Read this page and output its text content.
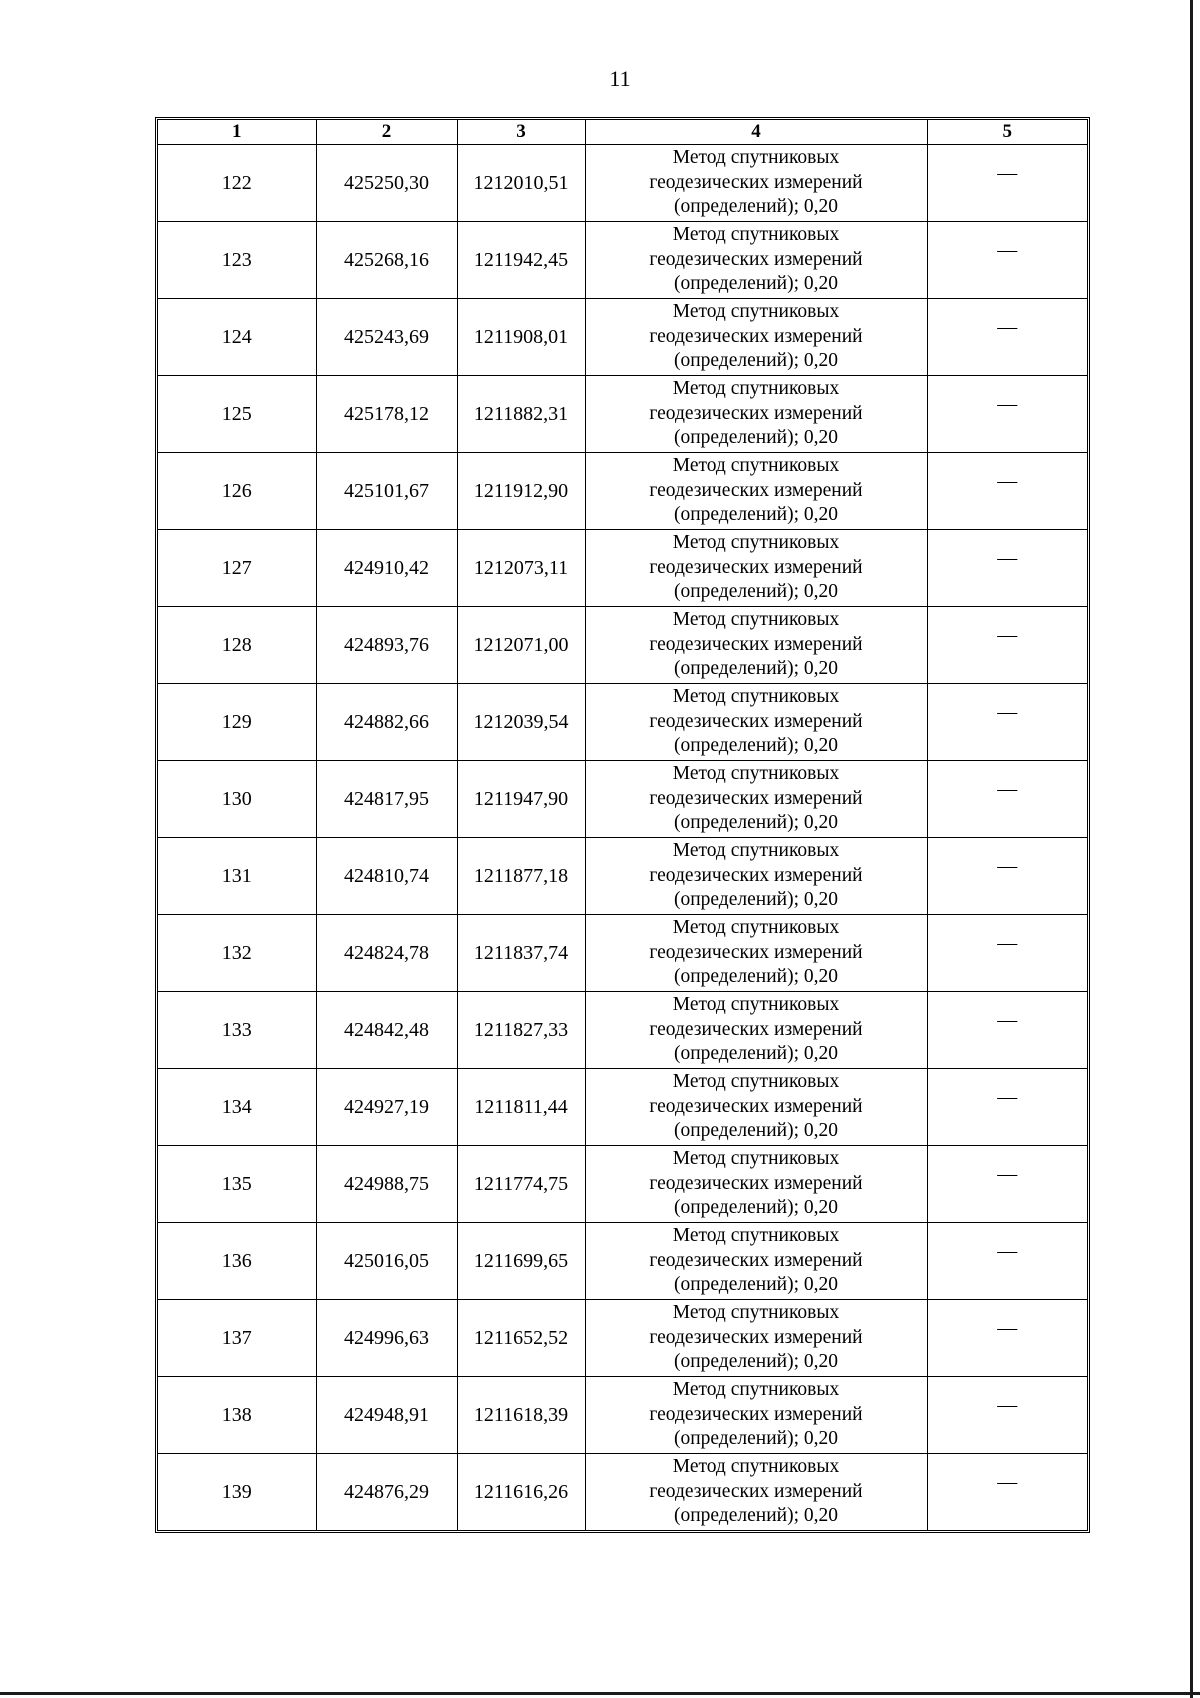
11
1	2	3	4	5
122	425250,30	1212010,51	Метод спутниковых
геодезических измерений
(определений); 0,20	—
123	425268,16	1211942,45	Метод спутниковых
геодезических измерений
(определений); 0,20	—
124	425243,69	1211908,01	Метод спутниковых
геодезических измерений
(определений); 0,20	—
125	425178,12	1211882,31	Метод спутниковых
геодезических измерений
(определений); 0,20	—
126	425101,67	1211912,90	Метод спутниковых
геодезических измерений
(определений); 0,20	—
127	424910,42	1212073,11	Метод спутниковых
геодезических измерений
(определений); 0,20	—
128	424893,76	1212071,00	Метод спутниковых
геодезических измерений
(определений); 0,20	—
129	424882,66	1212039,54	Метод спутниковых
геодезических измерений
(определений); 0,20	—
130	424817,95	1211947,90	Метод спутниковых
геодезических измерений
(определений); 0,20	—
131	424810,74	1211877,18	Метод спутниковых
геодезических измерений
(определений); 0,20	—
132	424824,78	1211837,74	Метод спутниковых
геодезических измерений
(определений); 0,20	—
133	424842,48	1211827,33	Метод спутниковых
геодезических измерений
(определений); 0,20	—
134	424927,19	1211811,44	Метод спутниковых
геодезических измерений
(определений); 0,20	—
135	424988,75	1211774,75	Метод спутниковых
геодезических измерений
(определений); 0,20	—
136	425016,05	1211699,65	Метод спутниковых
геодезических измерений
(определений); 0,20	—
137	424996,63	1211652,52	Метод спутниковых
геодезических измерений
(определений); 0,20	—
138	424948,91	1211618,39	Метод спутниковых
геодезических измерений
(определений); 0,20	—
139	424876,29	1211616,26	Метод спутниковых
геодезических измерений
(определений); 0,20	—
